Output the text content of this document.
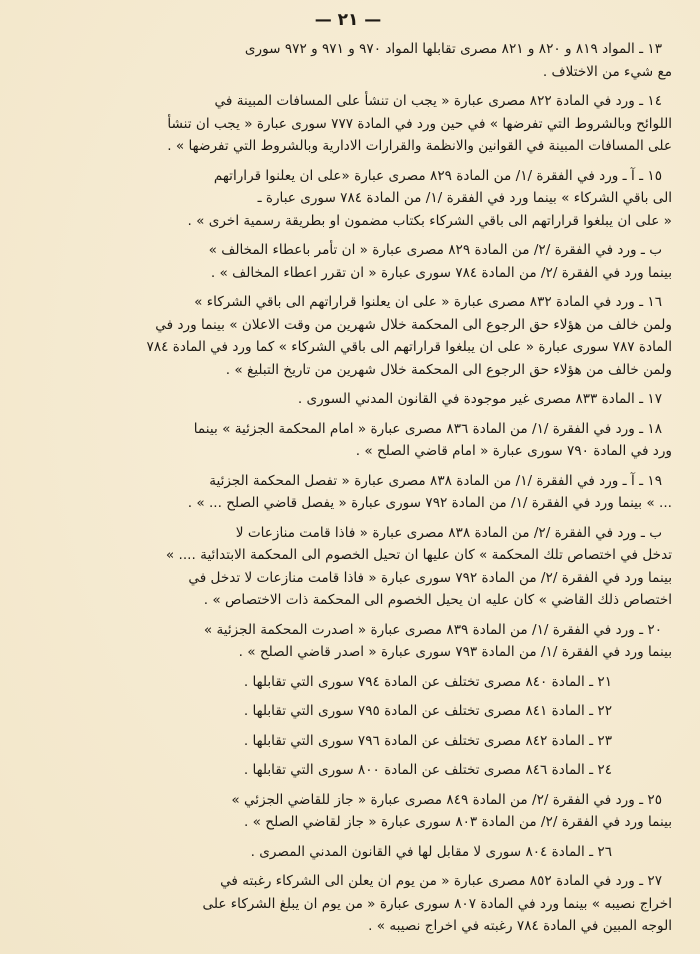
— ٢١ —
١٣ ـ المواد ٨١٩ و ٨٢٠ و ٨٢١ مصرى تقابلها المواد ٩٧٠ و ٩٧١ و ٩٧٢ سورى
مع شيء من الاختلاف .
١٤ ـ ورد في المادة ٨٢٢ مصرى عبارة « يجب ان تنشأ على المسافات المبينة في
اللوائح وبالشروط التي تفرضها » في حين ورد في المادة ٧٧٧ سورى عبارة « يجب ان تنشأ
على المسافات المبينة في القوانين والانظمة والقرارات الادارية وبالشروط التي تفرضها » .
١٥ ـ آ ـ ورد في الفقرة /١/ من المادة ٨٢٩ مصرى عبارة «على ان يعلنوا قراراتهم
الى باقي الشركاء » بينما ورد في الفقرة /١/ من المادة ٧٨٤ سورى عبارة ـ
« على ان يبلغوا قراراتهم الى باقي الشركاء بكتاب مضمون او بطريقة رسمية اخرى » .
ب ـ ورد في الفقرة /٢/ من المادة ٨٢٩ مصرى عبارة « ان تأمر باعطاء المخالف »
بينما ورد في الفقرة /٢/ من المادة ٧٨٤ سورى عبارة « ان تقرر اعطاء المخالف » .
١٦ ـ ورد في المادة ٨٣٢ مصرى عبارة « على ان يعلنوا قراراتهم الى باقي الشركاء »
ولمن خالف من هؤلاء حق الرجوع الى المحكمة خلال شهرين من وقت الاعلان » بينما ورد في
المادة ٧٨٧ سورى عبارة « على ان يبلغوا قراراتهم الى باقي الشركاء » كما ورد في المادة ٧٨٤
ولمن خالف من هؤلاء حق الرجوع الى المحكمة خلال شهرين من تاريخ التبليغ » .
١٧ ـ المادة ٨٣٣ مصرى غير موجودة في القانون المدني السورى .
١٨ ـ ورد في الفقرة /١/ من المادة ٨٣٦ مصرى عبارة « امام المحكمة الجزئية » بينما
ورد في المادة ٧٩٠ سورى عبارة « امام قاضي الصلح » .
١٩ ـ آ ـ ورد في الفقرة /١/ من المادة ٨٣٨ مصرى عبارة « تفصل المحكمة الجزئية
... » بينما ورد في الفقرة /١/ من المادة ٧٩٢ سورى عبارة « يفصل قاضي الصلح ... » .
ب ـ ورد في الفقرة /٢/ من المادة ٨٣٨ مصرى عبارة « فاذا قامت منازعات لا
تدخل في اختصاص تلك المحكمة » كان عليها ان تحيل الخصوم الى المحكمة الابتدائية .... »
بينما ورد في الفقرة /٢/ من المادة ٧٩٢ سورى عبارة « فاذا قامت منازعات لا تدخل في
اختصاص ذلك القاضي » كان عليه ان يحيل الخصوم الى المحكمة ذات الاختصاص » .
٢٠ ـ ورد في الفقرة /١/ من المادة ٨٣٩ مصرى عبارة « اصدرت المحكمة الجزئية »
بينما ورد في الفقرة /١/ من المادة ٧٩٣ سورى عبارة « اصدر قاضي الصلح » .
٢١ ـ المادة ٨٤٠ مصرى تختلف عن المادة ٧٩٤ سورى التي تقابلها .
٢٢ ـ المادة ٨٤١ مصرى تختلف عن المادة ٧٩٥ سورى التي تقابلها .
٢٣ ـ المادة ٨٤٢ مصرى تختلف عن المادة ٧٩٦ سورى التي تقابلها .
٢٤ ـ المادة ٨٤٦ مصرى تختلف عن المادة ٨٠٠ سورى التي تقابلها .
٢٥ ـ ورد في الفقرة /٢/ من المادة ٨٤٩ مصرى عبارة « جاز للقاضي الجزئي »
بينما ورد في الفقرة /٢/ من المادة ٨٠٣ سورى عبارة « جاز لقاضي الصلح » .
٢٦ ـ المادة ٨٠٤ سورى لا مقابل لها في القانون المدني المصرى .
٢٧ ـ ورد في المادة ٨٥٢ مصرى عبارة « من يوم ان يعلن الى الشركاء رغبته في
اخراج نصيبه » بينما ورد في المادة ٨٠٧ سورى عبارة « من يوم ان يبلغ الشركاء على
الوجه المبين في المادة ٧٨٤ رغبته في اخراج نصيبه » .
